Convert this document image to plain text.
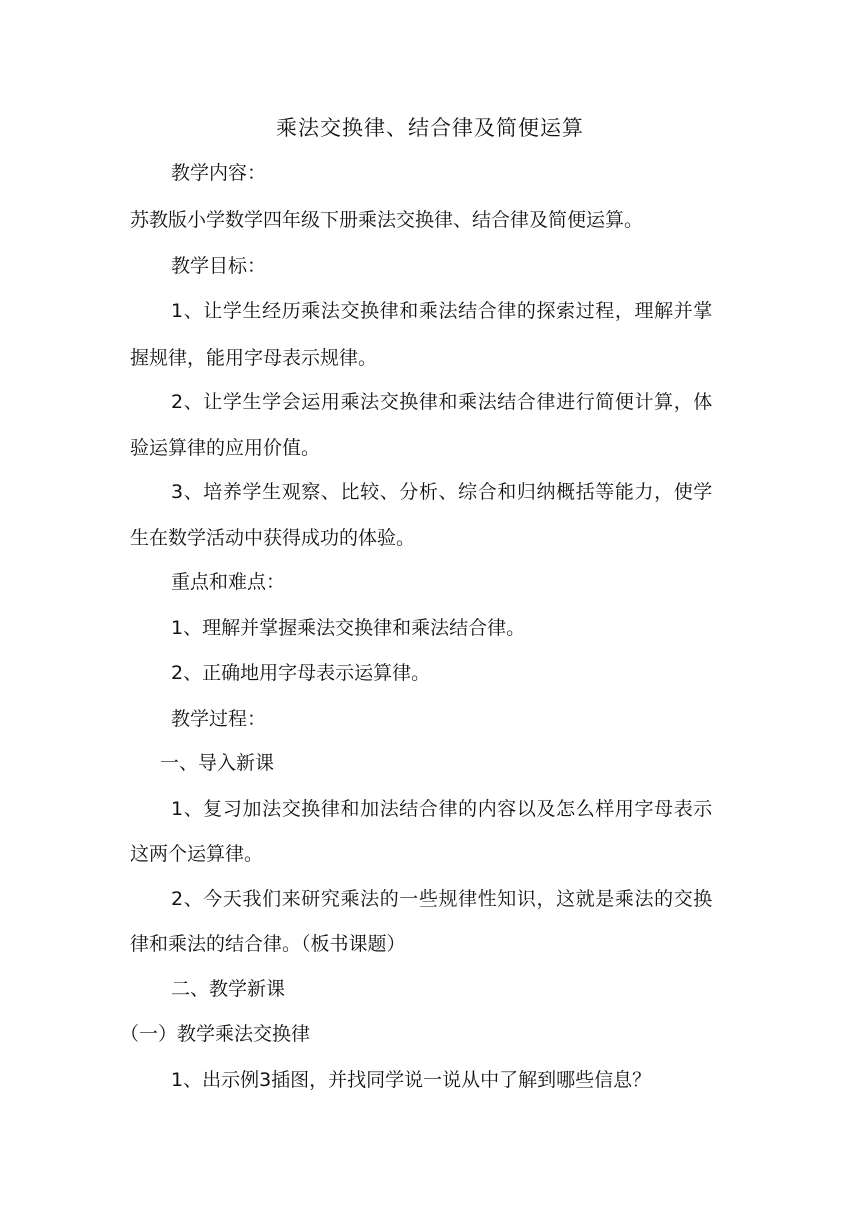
乘法交换律、结合律及简便运算
教学内容：
苏教版小学数学四年级下册乘法交换律、结合律及简便运算。
教学目标：
1、让学生经历乘法交换律和乘法结合律的探索过程，理解并掌
握规律，能用字母表示规律。
2、让学生学会运用乘法交换律和乘法结合律进行简便计算，体
验运算律的应用价值。
3、培养学生观察、比较、分析、综合和归纳概括等能力，使学
生在数学活动中获得成功的体验。
重点和难点：
1、理解并掌握乘法交换律和乘法结合律。
2、正确地用字母表示运算律。
教学过程：
一、导入新课
1、复习加法交换律和加法结合律的内容以及怎么样用字母表示
这两个运算律。
2、今天我们来研究乘法的一些规律性知识，这就是乘法的交换
律和乘法的结合律。（板书课题）
二、教学新课
（一）教学乘法交换律
1、出示例3插图，并找同学说一说从中了解到哪些信息？
